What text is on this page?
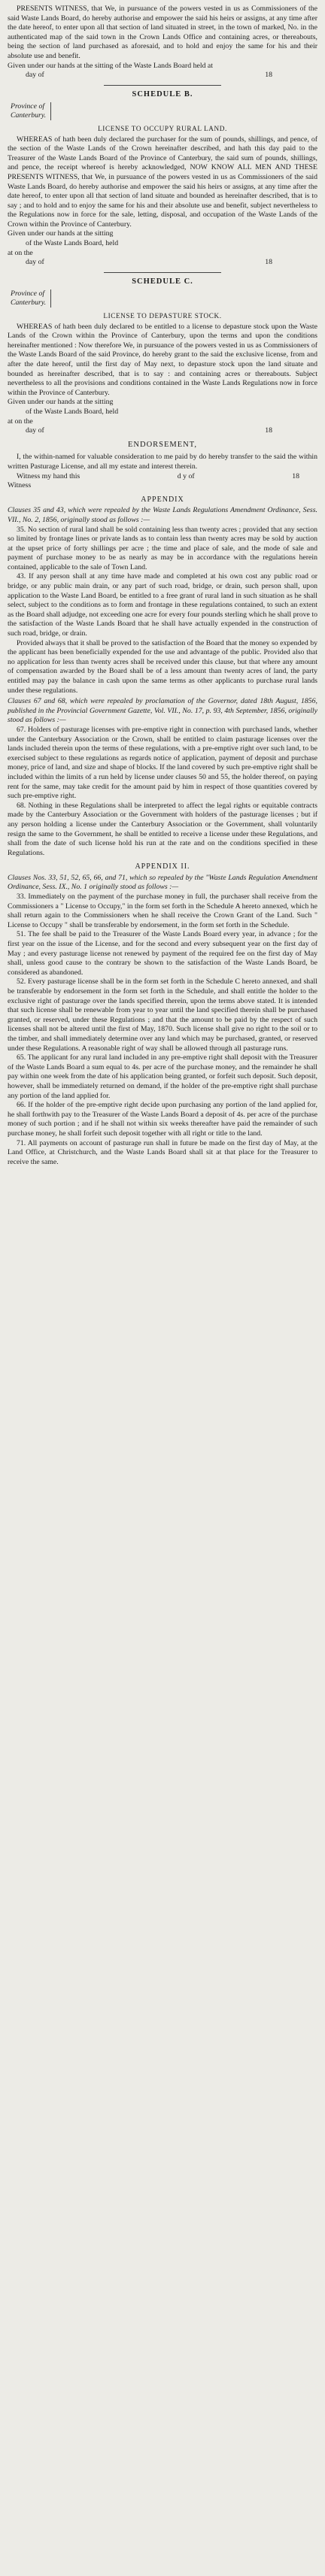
PRESENTS WITNESS, that We, in pursuance of the powers vested in us as Commissioners of the said Waste Lands Board, do hereby authorise and empower the said his heirs or assigns, at any time after the date hereof, to enter upon all that section of land situated in street, in the town of marked, No. in the authenticated map of the said town in the Crown Lands Office and containing acres, or thereabouts, being the section of land purchased as aforesaid, and to hold and enjoy the same for his and their absolute use and benefit.

Given under our hands at the sitting of the Waste Lands Board held at

day of	18
SCHEDULE B.
Province of
Canterbury.
LICENSE TO OCCUPY RURAL LAND.

WHEREAS of hath been duly declared the purchaser for the sum of pounds, shillings, and pence, of the section of the Waste Lands of the Crown hereinafter described, and hath this day paid to the Treasurer of the Waste Lands Board of the Province of Canterbury, the said sum of pounds, shillings, and pence, the receipt whereof is hereby acknowledged, NOW KNOW ALL MEN AND THESE PRESENTS WITNESS, that We, in pursuance of the powers vested in us as Commissioners of the said Waste Lands Board, do hereby authorise and empower the said his heirs or assigns, at any time after the date hereof, to enter upon all that section of land situate and bounded as hereinafter described, that is to say ; and to hold and to enjoy the same for his and their absolute use and benefit, subject nevertheless to the Regulations now in force for the sale, letting, disposal, and occupation of the Waste Lands of the Crown within the Province of Canterbury.

Given under our hands at the sitting

of the Waste Lands Board, held

at on the

day of	18
SCHEDULE C.
Province of
Canterbury.
LICENSE TO DEPASTURE STOCK.

WHEREAS of hath been duly declared to be entitled to a license to depasture stock upon the Waste Lands of the Crown within the Province of Canterbury, upon the terms and upon the conditions hereinafter mentioned : Now therefore We, in pursuance of the powers vested in us as Commissioners of the Waste Lands Board of the said Province, do hereby grant to the said the exclusive license, from and after the date hereof, until the first day of May next, to depasture stock upon the land situate and bounded as hereinafter described, that is to say : and containing acres or thereabouts. Subject nevertheless to all the provisions and conditions contained in the Waste Lands Regulations now in force within the Province of Canterbury.

Given under our hands at the sitting

of the Waste Lands Board, held

at on the

day of	18
ENDORSEMENT,

I, the within-named for valuable consideration to me paid by do hereby transfer to the said the within written Pasturage License, and all my estate and interest therein.

Witness my hand this	d y of	18

Witness

APPENDIX

Clauses 35 and 43, which were repealed by the Waste Lands Regulations Amendment Ordinance, Sess. VII., No. 2, 1856, originally stood as follows :—

35. No section of rural land shall be sold containing less than twenty acres ; provided that any section so limited by frontage lines or private lands as to contain less than twenty acres may be sold by auction at the upset price of forty shillings per acre ; the time and place of sale, and the mode of sale and payment of purchase money to be as nearly as may be in accordance with the regulations herein contained, applicable to the sale of Town Land.

43. If any person shall at any time have made and completed at his own cost any public road or bridge, or any public main drain, or any part of such road, bridge, or drain, such person shall, upon application to the Waste Land Board, be entitled to a free grant of rural land in such situation as he shall select, subject to the conditions as to form and frontage in these regulations contained, to such an extent as the Board shall adjudge, not exceeding one acre for every four pounds sterling which he shall prove to the satisfaction of the Waste Lands Board that he shall have actually expended in the construction of such road, bridge, or drain.

Provided always that it shall be proved to the satisfaction of the Board that the money so expended by the applicant has been beneficially expended for the use and advantage of the public. Provided also that no application for less than twenty acres shall be received under this clause, but that where any amount of compensation awarded by the Board shall be of a less amount than twenty acres of land, the party entitled may pay the balance in cash upon the same terms as other applicants to purchase rural lands under these regulations.

Clauses 67 and 68, which were repealed by proclamation of the Governor, dated 18th August, 1856, published in the Provincial Government Gazette, Vol. VII., No. 17, p. 93, 4th September, 1856, originally stood as follows :—

67. Holders of pasturage licenses with pre-emptive right in connection with purchased lands, whether under the Canterbury Association or the Crown, shall be entitled to claim pasturage licenses over the lands included therein upon the terms of these regulations, with a pre-emptive right over such land, to be exercised subject to these regulations as regards notice of application, payment of deposit and purchase money, price of land, and size and shape of blocks. If the land covered by such pre-emptive right shall be included within the limits of a run held by license under clauses 50 and 55, the holder thereof, on paying rent for the same, may take credit for the amount paid by him in respect of those quantities covered by such pre-emptive right.

68. Nothing in these Regulations shall be interpreted to affect the legal rights or equitable contracts made by the Canterbury Association or the Government with holders of the pasturage licenses ; but if any person holding a license under the Canterbury Association or the Government, shall voluntarily resign the same to the Government, he shall be entitled to receive a license under these Regulations, and shall from the date of such license hold his run at the rate and on the conditions specified in these Regulations.

APPENDIX II.

Clauses Nos. 33, 51, 52, 65, 66, and 71, which so repealed by the "Waste Lands Regulation Amendment Ordinance, Sess. IX., No. 1 originally stood as follows :—

33. Immediately on the payment of the purchase money in full, the purchaser shall receive from the Commissioners a " License to Occupy," in the form set forth in the Schedule A hereto annexed, which he shall return again to the Commissioners when he shall receive the Crown Grant of the Land. Such " License to Occupy " shall be transferable by endorsement, in the form set forth in the Schedule.

51. The fee shall be paid to the Treasurer of the Waste Lands Board every year, in advance ; for the first year on the issue of the License, and for the second and every subsequent year on the first day of May ; and every pasturage license not renewed by payment of the required fee on the first day of May shall, unless good cause to the contrary be shown to the satisfaction of the Waste Lands Board, be considered as abandoned.

52. Every pasturage license shall be in the form set forth in the Schedule C hereto annexed, and shall be transferable by endorsement in the form set forth in the Schedule, and shall entitle the holder to the exclusive right of pasturage over the lands specified therein, upon the terms above stated. It is intended that such license shall be renewable from year to year until the land specified therein shall be purchased granted, or reserved, under these Regulations ; and that the amount to be paid by the respect of such licenses shall not be altered until the first of May, 1870. Such license shall give no right to the soil or to the timber, and shall immediately determine over any land which may be purchased, granted, or reserved under these Regulations. A reasonable right of way shall be allowed through all pasturage runs.

65. The applicant for any rural land included in any pre-emptive right shall deposit with the Treasurer of the Waste Lands Board a sum equal to 4s. per acre of the purchase money, and the remainder he shall pay within one week from the date of his application being granted, or forfeit such deposit. Such deposit, however, shall be immediately returned on demand, if the holder of the pre-emptive right shall purchase any portion of the land applied for.

66. If the holder of the pre-emptive right decide upon purchasing any portion of the land applied for, he shall forthwith pay to the Treasurer of the Waste Lands Board a deposit of 4s. per acre of the purchase money of such portion ; and if he shall not within six weeks thereafter have paid the remainder of such purchase money, he shall forfeit such deposit together with all right or title to the land.

71. All payments on account of pasturage run shall in future be made on the first day of May, at the Land Office, at Christchurch, and the Waste Lands Board shall sit at that place for the Treasurer to receive the same.
